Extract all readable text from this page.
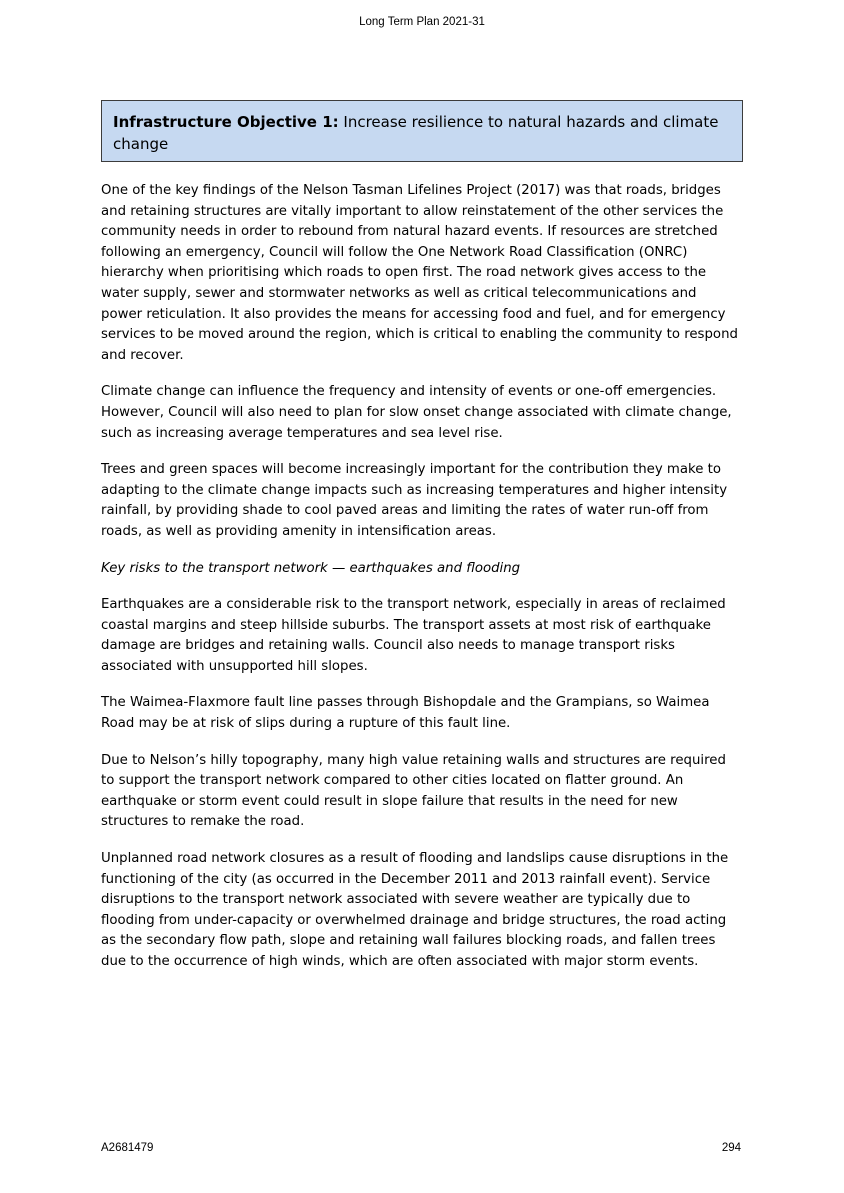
Long Term Plan 2021-31
Infrastructure Objective 1: Increase resilience to natural hazards and climate change

One of the key findings of the Nelson Tasman Lifelines Project (2017) was that roads, bridges and retaining structures are vitally important to allow reinstatement of the other services the community needs in order to rebound from natural hazard events. If resources are stretched following an emergency, Council will follow the One Network Road Classification (ONRC) hierarchy when prioritising which roads to open first. The road network gives access to the water supply, sewer and stormwater networks as well as critical telecommunications and power reticulation. It also provides the means for accessing food and fuel, and for emergency services to be moved around the region, which is critical to enabling the community to respond and recover.

Climate change can influence the frequency and intensity of events or one-off emergencies. However, Council will also need to plan for slow onset change associated with climate change, such as increasing average temperatures and sea level rise.

Trees and green spaces will become increasingly important for the contribution they make to adapting to the climate change impacts such as increasing temperatures and higher intensity rainfall, by providing shade to cool paved areas and limiting the rates of water run-off from roads, as well as providing amenity in intensification areas.

Key risks to the transport network — earthquakes and flooding

Earthquakes are a considerable risk to the transport network, especially in areas of reclaimed coastal margins and steep hillside suburbs. The transport assets at most risk of earthquake damage are bridges and retaining walls. Council also needs to manage transport risks associated with unsupported hill slopes.

The Waimea-Flaxmore fault line passes through Bishopdale and the Grampians, so Waimea Road may be at risk of slips during a rupture of this fault line.

Due to Nelson’s hilly topography, many high value retaining walls and structures are required to support the transport network compared to other cities located on flatter ground. An earthquake or storm event could result in slope failure that results in the need for new structures to remake the road.

Unplanned road network closures as a result of flooding and landslips cause disruptions in the functioning of the city (as occurred in the December 2011 and 2013 rainfall event). Service disruptions to the transport network associated with severe weather are typically due to flooding from under-capacity or overwhelmed drainage and bridge structures, the road acting as the secondary flow path, slope and retaining wall failures blocking roads, and fallen trees due to the occurrence of high winds, which are often associated with major storm events.

A2681479	294
